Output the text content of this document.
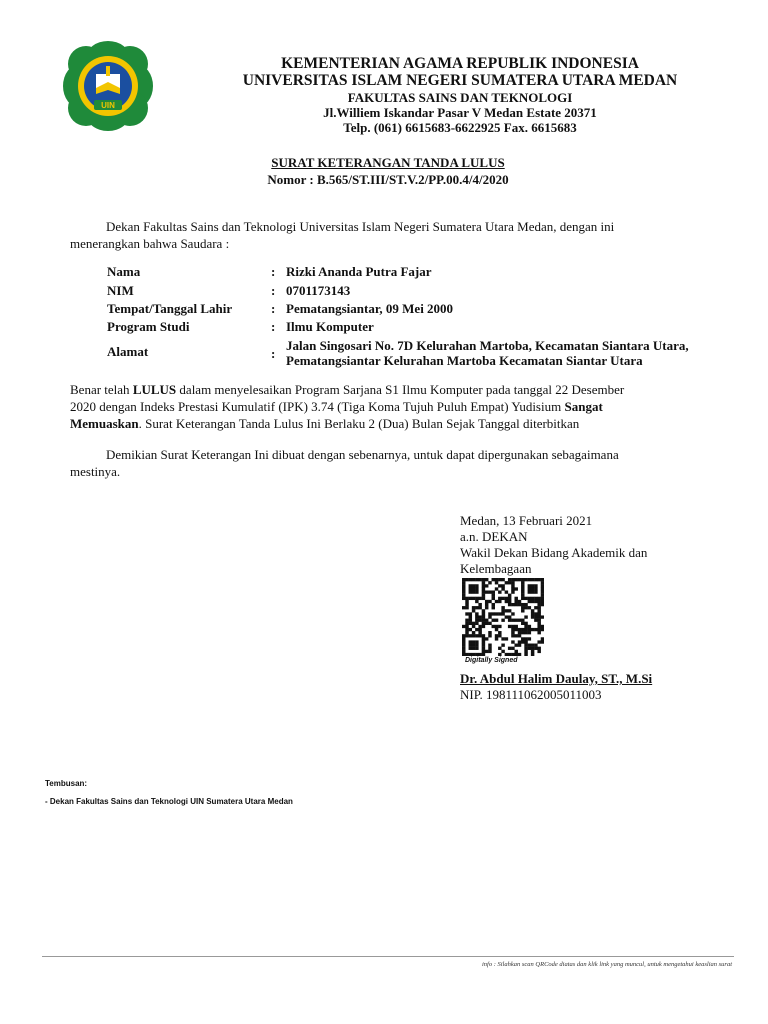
UIN
KEMENTERIAN AGAMA REPUBLIK INDONESIA
UNIVERSITAS ISLAM NEGERI SUMATERA UTARA MEDAN
FAKULTAS SAINS DAN TEKNOLOGI
Jl.Williem Iskandar Pasar V Medan Estate 20371
Telp. (061) 6615683-6622925 Fax. 6615683
SURAT KETERANGAN TANDA LULUS
Nomor : B.565/ST.III/ST.V.2/PP.00.4/4/2020
Dekan Fakultas Sains dan Teknologi Universitas Islam Negeri Sumatera Utara Medan, dengan ini
menerangkan bahwa Saudara :
Nama	: Rizki Ananda Putra Fajar
NIM	: 0701173143
Tempat/Tanggal Lahir	: Pematangsiantar, 09 Mei 2000
Program Studi	: Ilmu Komputer
Alamat	:
Jalan Singosari No. 7D Kelurahan Martoba, Kecamatan Siantara Utara,
Pematangsiantar Kelurahan Martoba Kecamatan Siantar Utara
Benar telah LULUS dalam menyelesaikan Program Sarjana S1 Ilmu Komputer pada tanggal 22 Desember
2020 dengan Indeks Prestasi Kumulatif (IPK) 3.74 (Tiga Koma Tujuh Puluh Empat) Yudisium Sangat
Memuaskan. Surat Keterangan Tanda Lulus Ini Berlaku 2 (Dua) Bulan Sejak Tanggal diterbitkan
Demikian Surat Keterangan Ini dibuat dengan sebenarnya, untuk dapat dipergunakan sebagaimana
mestinya.
Medan, 13 Februari 2021
a.n. DEKAN
Wakil Dekan Bidang Akademik dan
Kelembagaan
Digitally Signed
Dr. Abdul Halim Daulay, ST., M.Si
NIP. 198111062005011003
Tembusan:
- Dekan Fakultas Sains dan Teknologi UIN Sumatera Utara Medan
info : Silahkan scan QRCode diatas dan klik link yang muncul, untuk mengetahui keaslian surat
